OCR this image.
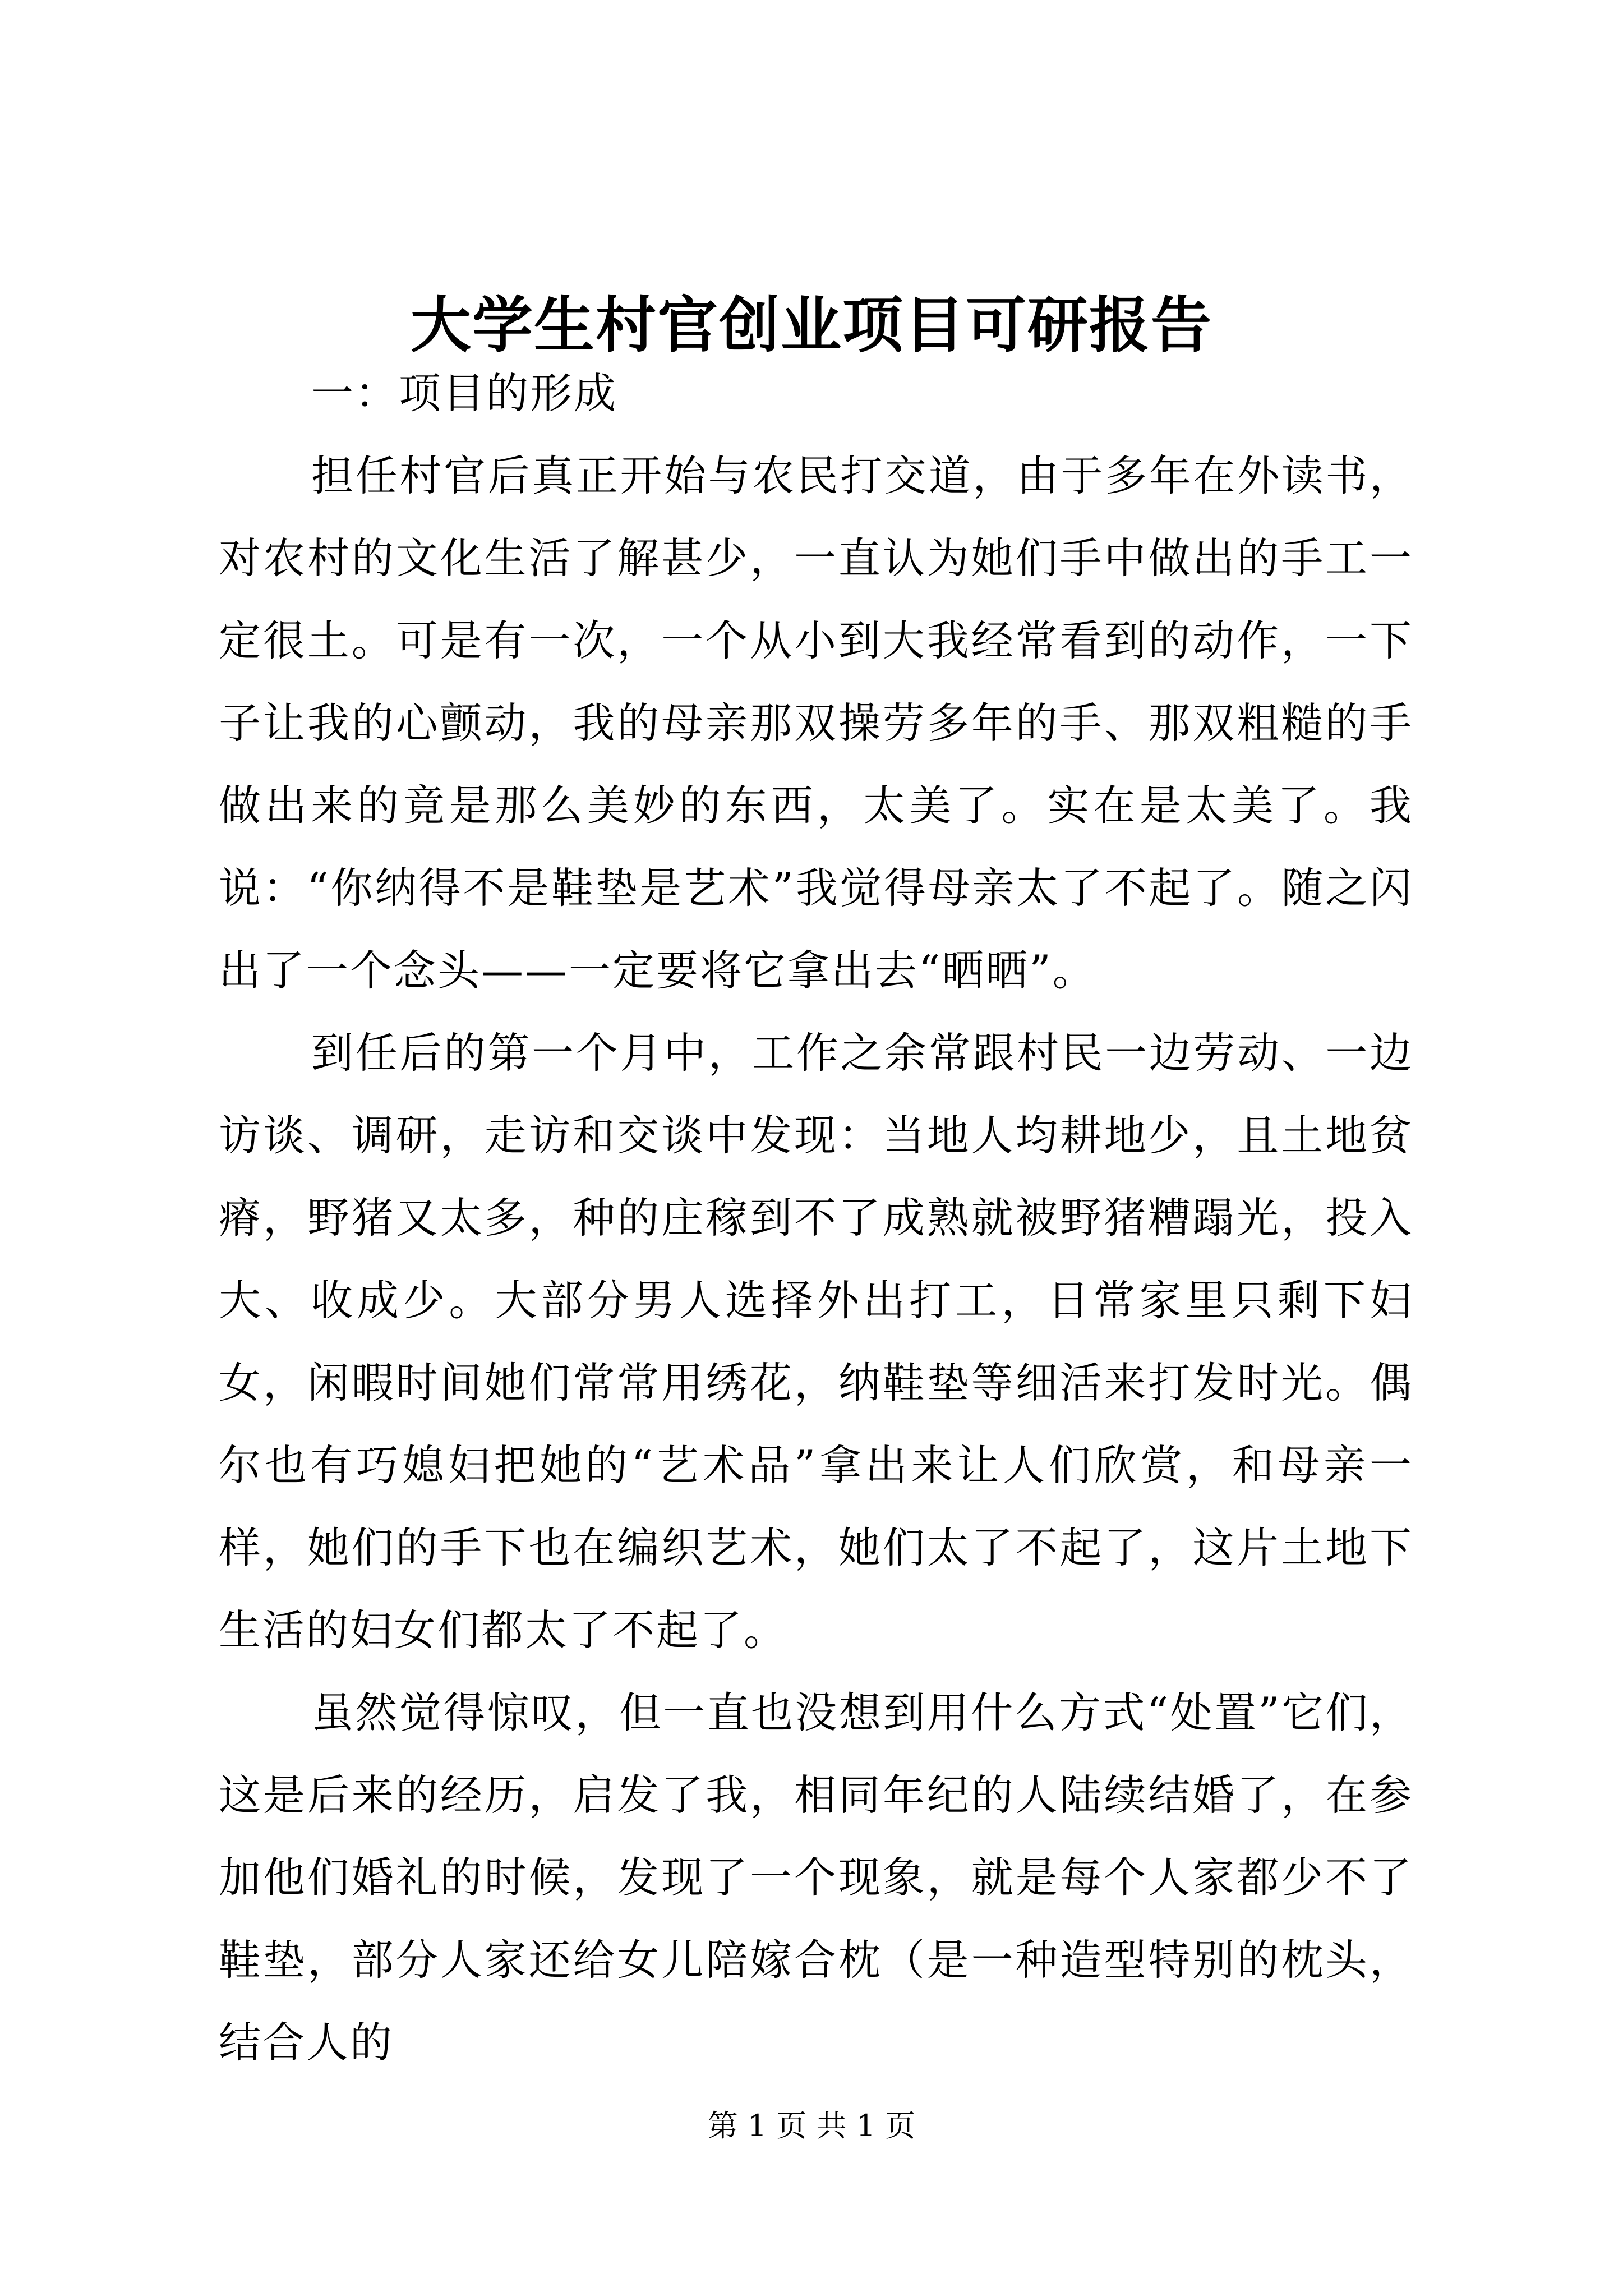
大学生村官创业项目可研报告

一：项目的形成

担任村官后真正开始与农民打交道，由于多年在外读书，对农村的文化生活了解甚少，一直认为她们手中做出的手工一定很土。可是有一次，一个从小到大我经常看到的动作，一下子让我的心颤动，我的母亲那双操劳多年的手、那双粗糙的手做出来的竟是那么美妙的东西，太美了。实在是太美了。我说：“你纳得不是鞋垫是艺术”我觉得母亲太了不起了。随之闪出了一个念头——一定要将它拿出去“晒晒”。

到任后的第一个月中，工作之余常跟村民一边劳动、一边访谈、调研，走访和交谈中发现：当地人均耕地少，且土地贫瘠，野猪又太多，种的庄稼到不了成熟就被野猪糟蹋光，投入大、收成少。大部分男人选择外出打工，日常家里只剩下妇女，闲暇时间她们常常用绣花，纳鞋垫等细活来打发时光。偶尔也有巧媳妇把她的“艺术品”拿出来让人们欣赏，和母亲一样，她们的手下也在编织艺术，她们太了不起了，这片土地下生活的妇女们都太了不起了。

虽然觉得惊叹，但一直也没想到用什么方式“处置”它们，这是后来的经历，启发了我，相同年纪的人陆续结婚了，在参加他们婚礼的时候，发现了一个现象，就是每个人家都少不了鞋垫，部分人家还给女儿陪嫁合枕（是一种造型特别的枕头，结合人的

第 1 页 共 1 页
